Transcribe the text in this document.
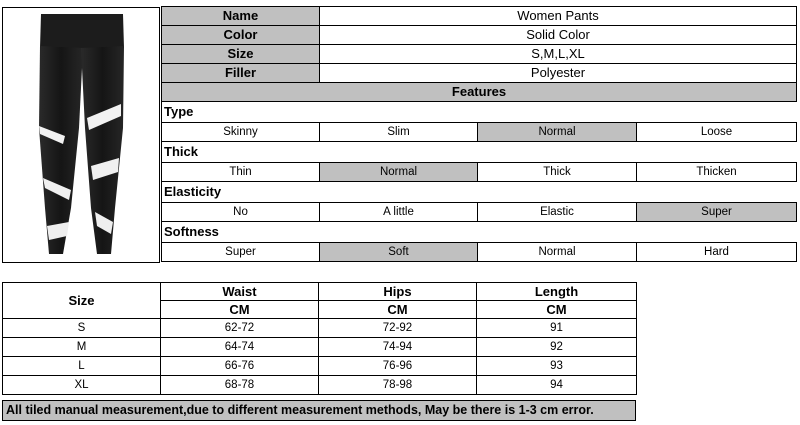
Name	Women Pants		
Color	Solid Color		
Size	S,M,L,XL		
Filler	Polyester		
Features			
Type			
Skinny	Slim	Normal	Loose
Thick			
Thin	Normal	Thick	Thicken
Elasticity			
No	A little	Elastic	Super
Softness			
Super	Soft	Normal	Hard
Size	Waist	Hips	Length
	CM	CM	CM
S	62-72	72-92	91
M	64-74	74-94	92
L	66-76	76-96	93
XL	68-78	78-98	94
All tiled manual measurement,due to different measurement methods, May be there is 1-3 cm error.
